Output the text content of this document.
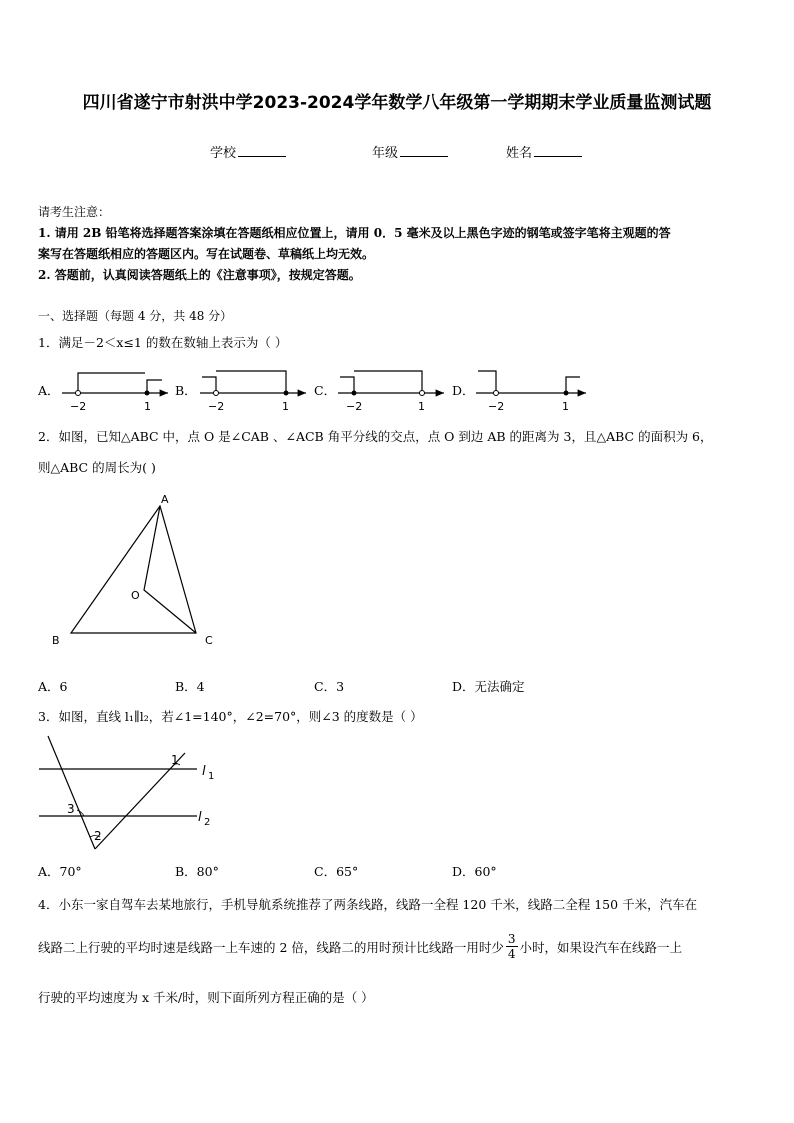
四川省遂宁市射洪中学2023-2024学年数学八年级第一学期期末学业质量监测试题
学校	年级	姓名
请考生注意：
1. 请用 2B 铅笔将选择题答案涂填在答题纸相应位置上，请用 0．5 毫米及以上黑色字迹的钢笔或签字笔将主观题的答
案写在答题纸相应的答题区内。写在试题卷、草稿纸上均无效。
2. 答题前，认真阅读答题纸上的《注意事项》，按规定答题。
一、选择题（每题 4 分，共 48 分）
1．满足－2＜x≤1 的数在数轴上表示为（ ）
A．	B．	C．	D．
−2	1	−2	1	−2	1	−2	1
2．如图，已知△ABC 中，点 O 是∠CAB 、∠ACB 角平分线的交点，点 O 到边 AB 的距离为 3，且△ABC 的面积为 6，
则△ABC 的周长为( )
A
B	C
O
A．6	B．4	C．3	D．无法确定
3．如图，直线 l₁∥l₂，若∠1=140°，∠2=70°，则∠3 的度数是（ ）
1
3
2
l 1
l 2
A．70°	B．80°	C．65°	D．60°
4．小东一家自驾车去某地旅行，手机导航系统推荐了两条线路，线路一全程 120 千米，线路二全程 150 千米，汽车在
线路二上行驶的平均时速是线路一上车速的 2 倍，线路二的用时预计比线路一用时少 $\frac{3}{4}$ 小时，如果设汽车在线路一上
行驶的平均速度为 x 千米/时，则下面所列方程正确的是（ ）
